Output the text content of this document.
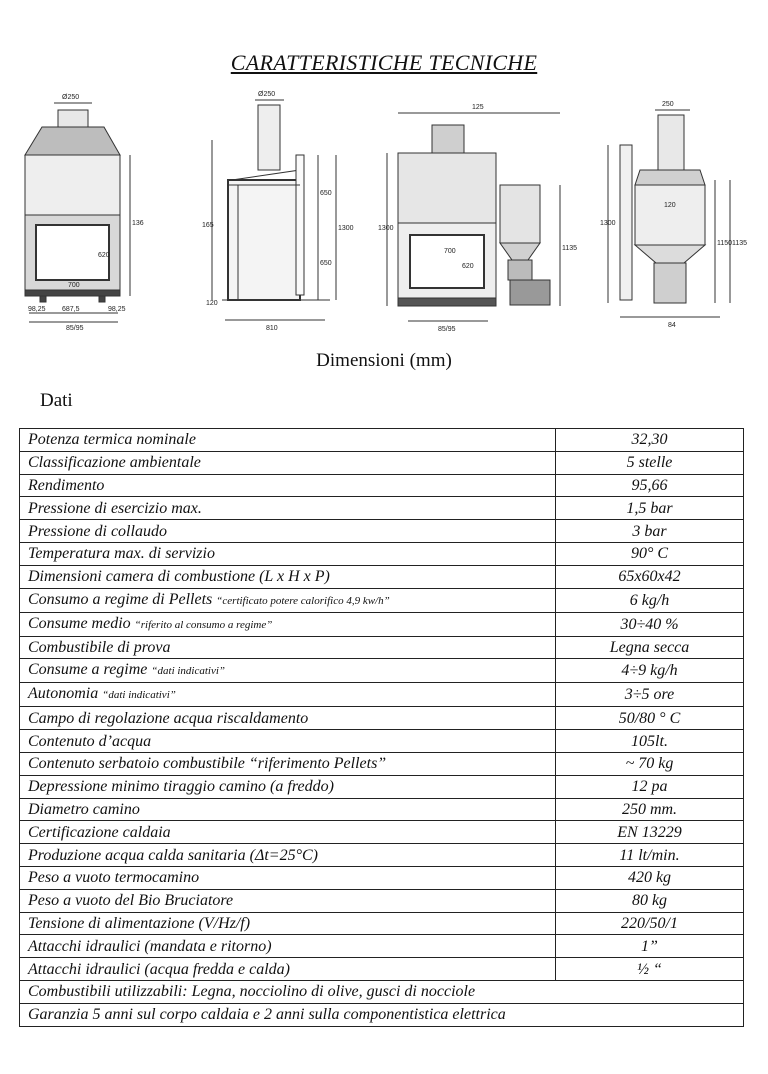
CARATTERISTICHE TECNICHE
Ø250
700
620
136
98,25 687,5	98,25
85/95
Ø250
650
1300
650
165
120
810
125
1300
700
620
1135
85/95
250
1300
120
1150 1135
84
Dimensioni (mm)
Dati
Potenza termica nominale	32,30
Classificazione ambientale	5 stelle
Rendimento	95,66
Pressione di esercizio max.	1,5 bar
Pressione di collaudo	3 bar
Temperatura max. di servizio	90° C
Dimensioni camera di combustione (L x H x P)	65x60x42
Consumo a regime di Pellets “certificato potere calorifico 4,9 kw/h”	6 kg/h
Consume medio “riferito al consumo a regime”	30÷40 %
Combustibile di prova	Legna secca
Consume a regime “dati indicativi”	4÷9 kg/h
Autonomia “dati indicativi”	3÷5 ore
Campo di regolazione acqua riscaldamento	50/80 ° C
Contenuto d’acqua	105lt.
Contenuto serbatoio combustibile “riferimento Pellets”	~ 70 kg
Depressione minimo tiraggio camino (a freddo)	12 pa
Diametro camino	250 mm.
Certificazione caldaia	EN 13229
Produzione acqua calda sanitaria (Δt=25°C)	11 lt/min.
Peso a vuoto termocamino	420 kg
Peso a vuoto del Bio Bruciatore	80 kg
Tensione di alimentazione (V/Hz/f)	220/50/1
Attacchi idraulici (mandata e ritorno)	1”
Attacchi idraulici (acqua fredda e calda)	½ “
Combustibili utilizzabili: Legna, nocciolino di olive, gusci di nocciole	
Garanzia 5 anni sul corpo caldaia e 2 anni sulla componentistica elettrica	
